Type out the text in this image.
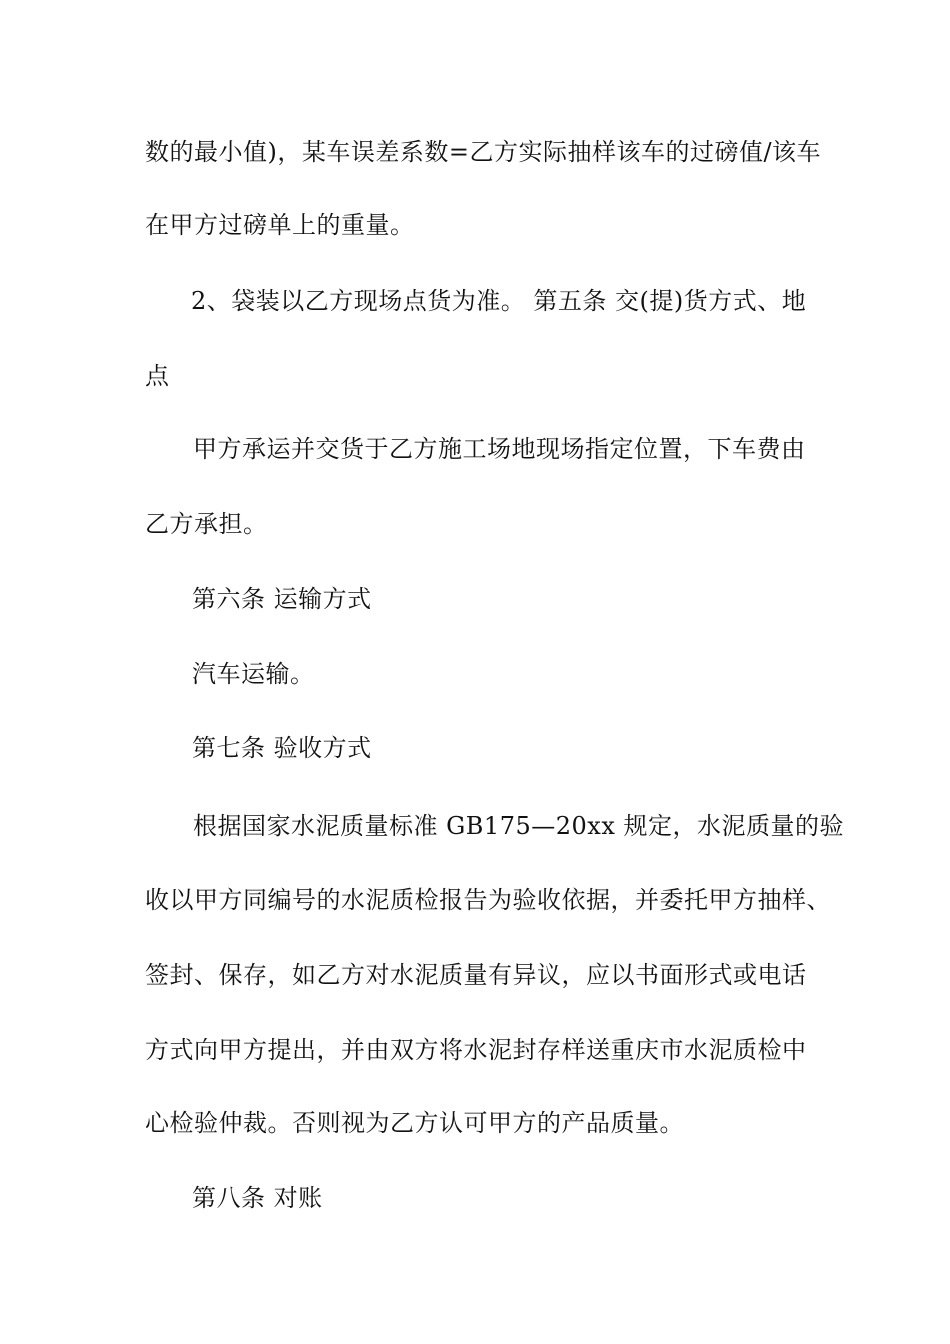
数的最小值)，某车误差系数=乙方实际抽样该车的过磅值/该车
在甲方过磅单上的重量。
2、袋装以乙方现场点货为准。 第五条 交(提)货方式、地
点
甲方承运并交货于乙方施工场地现场指定位置，下车费由
乙方承担。
第六条 运输方式
汽车运输。
第七条 验收方式
根据国家水泥质量标准 GB175—20xx 规定，水泥质量的验
收以甲方同编号的水泥质检报告为验收依据，并委托甲方抽样、
签封、保存，如乙方对水泥质量有异议，应以书面形式或电话
方式向甲方提出，并由双方将水泥封存样送重庆市水泥质检中
心检验仲裁。否则视为乙方认可甲方的产品质量。
第八条 对账
